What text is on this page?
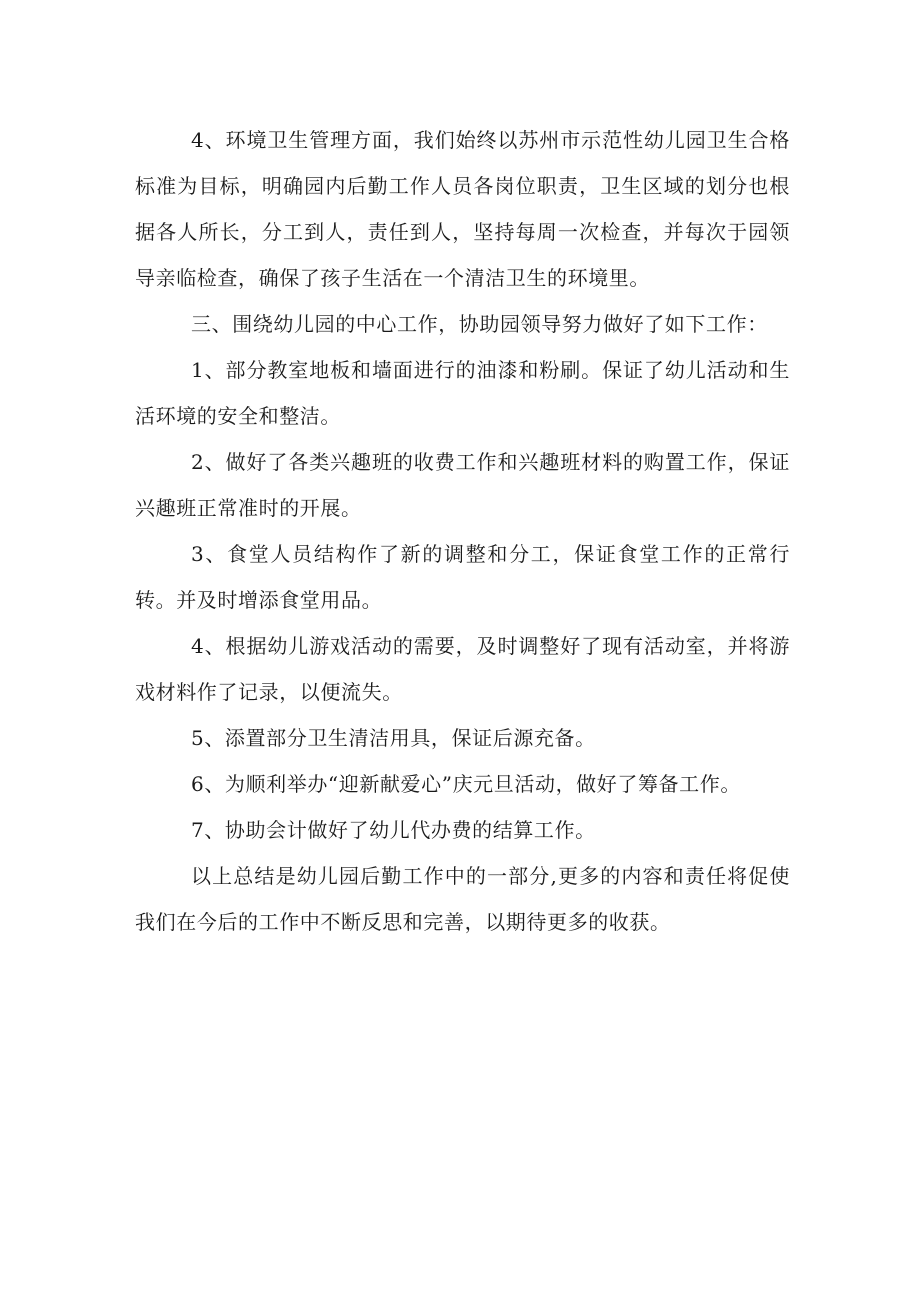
4、环境卫生管理方面，我们始终以苏州市示范性幼儿园卫生合格标准为目标，明确园内后勤工作人员各岗位职责，卫生区域的划分也根据各人所长，分工到人，责任到人，坚持每周一次检查，并每次于园领导亲临检查，确保了孩子生活在一个清洁卫生的环境里。

三、围绕幼儿园的中心工作，协助园领导努力做好了如下工作：

1、部分教室地板和墙面进行的油漆和粉刷。保证了幼儿活动和生活环境的安全和整洁。

2、做好了各类兴趣班的收费工作和兴趣班材料的购置工作，保证兴趣班正常准时的开展。

3、食堂人员结构作了新的调整和分工，保证食堂工作的正常行转。并及时增添食堂用品。

4、根据幼儿游戏活动的需要，及时调整好了现有活动室，并将游戏材料作了记录，以便流失。

5、添置部分卫生清洁用具，保证后源充备。

6、为顺利举办“迎新献爱心”庆元旦活动，做好了筹备工作。

7、协助会计做好了幼儿代办费的结算工作。

以上总结是幼儿园后勤工作中的一部分,更多的内容和责任将促使我们在今后的工作中不断反思和完善，以期待更多的收获。
